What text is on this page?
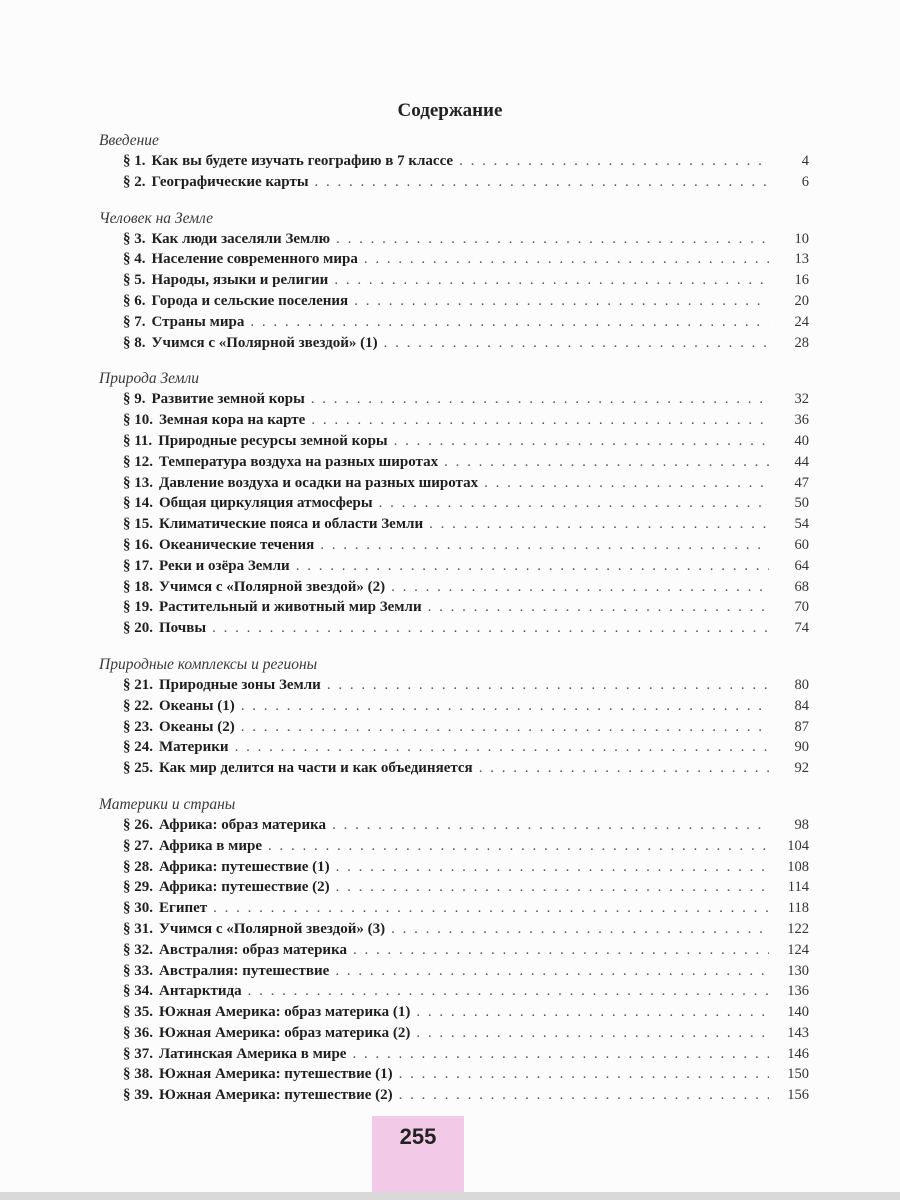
Содержание
Введение
§ 1. Как вы будете изучать географию в 7 классе . . .	4
§ 2. Географические карты . . .	6
Человек на Земле
§ 3. Как люди заселяли Землю . . .	10
§ 4. Население современного мира . . .	13
§ 5. Народы, языки и религии . . .	16
§ 6. Города и сельские поселения . . .	20
§ 7. Страны мира . . .	24
§ 8. Учимся с «Полярной звездой» (1) . . .	28
Природа Земли
§ 9. Развитие земной коры . . .	32
§ 10. Земная кора на карте . . .	36
§ 11. Природные ресурсы земной коры . . .	40
§ 12. Температура воздуха на разных широтах . . .	44
§ 13. Давление воздуха и осадки на разных широтах . . .	47
§ 14. Общая циркуляция атмосферы . . .	50
§ 15. Климатические пояса и области Земли . . .	54
§ 16. Океанические течения . . .	60
§ 17. Реки и озёра Земли . . .	64
§ 18. Учимся с «Полярной звездой» (2) . . .	68
§ 19. Растительный и животный мир Земли . . .	70
§ 20. Почвы . . .	74
Природные комплексы и регионы
§ 21. Природные зоны Земли . . .	80
§ 22. Океаны (1) . . .	84
§ 23. Океаны (2) . . .	87
§ 24. Материки . . .	90
§ 25. Как мир делится на части и как объединяется . . .	92
Материки и страны
§ 26. Африка: образ материка . . .	98
§ 27. Африка в мире . . .	104
§ 28. Африка: путешествие (1) . . .	108
§ 29. Африка: путешествие (2) . . .	114
§ 30. Египет . . .	118
§ 31. Учимся с «Полярной звездой» (3) . . .	122
§ 32. Австралия: образ материка . . .	124
§ 33. Австралия: путешествие . . .	130
§ 34. Антарктида . . .	136
§ 35. Южная Америка: образ материка (1) . . .	140
§ 36. Южная Америка: образ материка (2) . . .	143
§ 37. Латинская Америка в мире . . .	146
§ 38. Южная Америка: путешествие (1) . . .	150
§ 39. Южная Америка: путешествие (2) . . .	156
255
